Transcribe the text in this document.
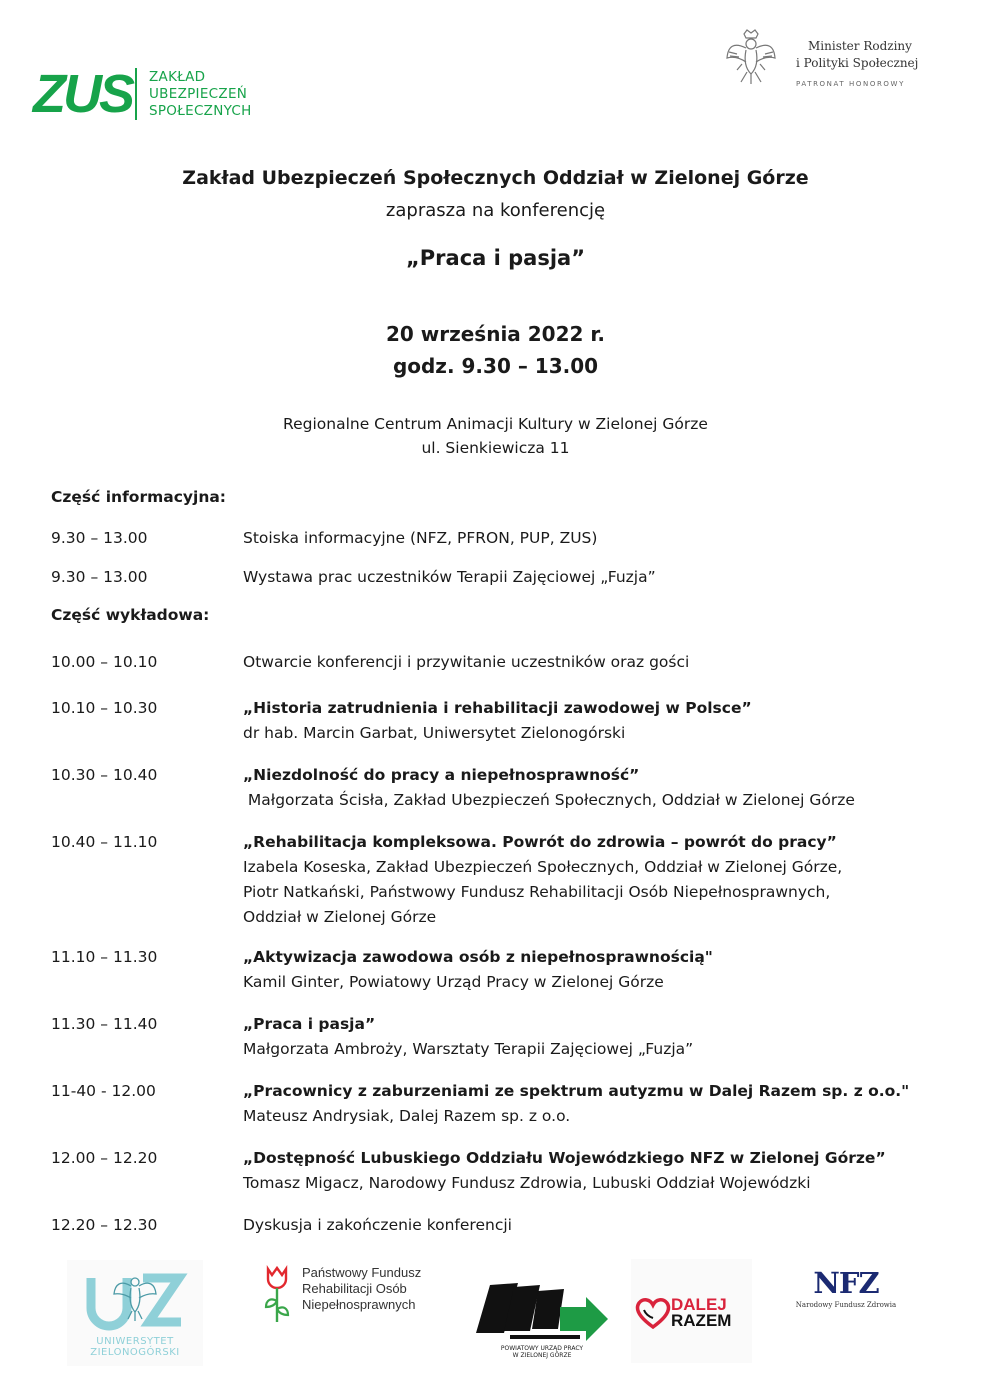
ZUS ZAKŁAD
UBEZPIECZEŃ
SPOŁECZNYCH
Minister Rodziny
i Polityki Społecznej
PATRONAT HONOROWY
Zakład Ubezpieczeń Społecznych Oddział w Zielonej Górze
zaprasza na konferencję
„Praca i pasja”
20 września 2022 r.
godz. 9.30 – 13.00
Regionalne Centrum Animacji Kultury w Zielonej Górze
ul. Sienkiewicza 11
Część informacyjna:
9.30 – 13.00	Stoiska informacyjne (NFZ, PFRON, PUP, ZUS)
9.30 – 13.00	Wystawa prac uczestników Terapii Zajęciowej „Fuzja”
Część wykładowa:
10.00 – 10.10	Otwarcie konferencji i przywitanie uczestników oraz gości
10.10 – 10.30	„Historia zatrudnienia i rehabilitacji zawodowej w Polsce”
dr hab. Marcin Garbat, Uniwersytet Zielonogórski
10.30 – 10.40	„Niezdolność do pracy a niepełnosprawność”
Małgorzata Ścisła, Zakład Ubezpieczeń Społecznych, Oddział w Zielonej Górze
10.40 – 11.10	„Rehabilitacja kompleksowa. Powrót do zdrowia – powrót do pracy”
Izabela Koseska, Zakład Ubezpieczeń Społecznych, Oddział w Zielonej Górze,
Piotr Natkański, Państwowy Fundusz Rehabilitacji Osób Niepełnosprawnych,
Oddział w Zielonej Górze
11.10 – 11.30	„Aktywizacja zawodowa osób z niepełnosprawnością"
Kamil Ginter, Powiatowy Urząd Pracy w Zielonej Górze
11.30 – 11.40	„Praca i pasja”
Małgorzata Ambroży, Warsztaty Terapii Zajęciowej „Fuzja”
11-40 - 12.00	„Pracownicy z zaburzeniami ze spektrum autyzmu w Dalej Razem sp. z o.o."
Mateusz Andrysiak, Dalej Razem sp. z o.o.
12.00 – 12.20	„Dostępność Lubuskiego Oddziału Wojewódzkiego NFZ w Zielonej Górze”
Tomasz Migacz, Narodowy Fundusz Zdrowia, Lubuski Oddział Wojewódzki
12.20 – 12.30	Dyskusja i zakończenie konferencji
UNIWERSYTET
ZIELONOGÓRSKI
Państwowy Fundusz
Rehabilitacji Osób
Niepełnosprawnych
POWIATOWY URZĄD PRACY
W ZIELONEJ GÓRZE
DALEJ
RAZEM
NFZ
Narodowy Fundusz Zdrowia
